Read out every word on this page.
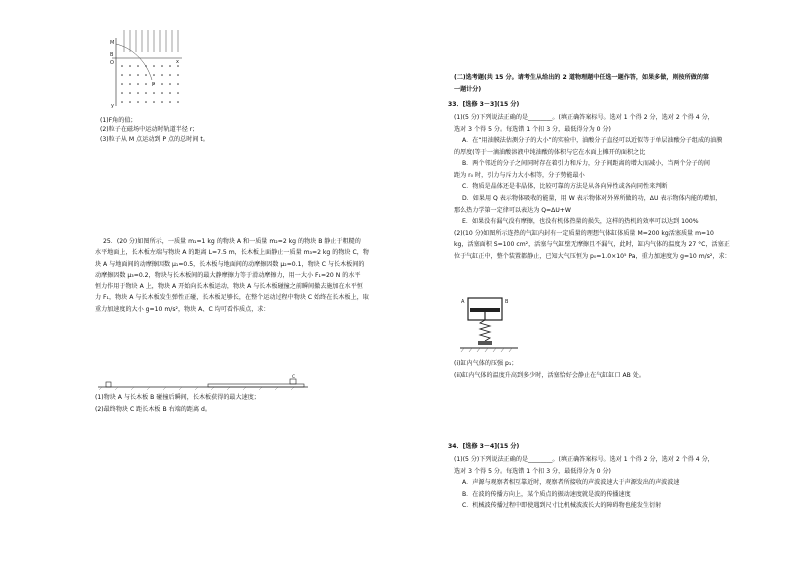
M
B
O	x
P
y

(1)F角的值；

(2)粒子在磁场中运动时轨道半径 r；

(3)粒子从 M 点运动到 P 点的总时间 t。

25．(20 分)如图所示，一质量 m₁=1 kg 的物块 A 和一质量 m₂=2 kg 的物块 B 静止于粗糙的

水平地面上，长木板左端与物块 A 的距离 L=7.5 m，长木板上面静止一质量 m₃=2 kg 的物块 C，物

块 A 与地面间的动摩擦因数 μ₁=0.5，长木板与地面间的动摩擦因数 μ₂=0.1，物块 C 与长木板间的

动摩擦因数 μ₃=0.2，物块与长木板间的最大静摩擦力等于滑动摩擦力，用一大小 F₁=20 N 的水平

恒力作用于物块 A 上，物块 A 开始向长木板运动，物块 A 与长木板碰撞之前瞬间撤去施加在水平恒

力 F₁，物块 A 与长木板发生弹性正碰，长木板足够长，在整个运动过程中物块 C 始终在长木板上，取

重力加速度的大小 g=10 m/s²，物块 A、C 均可看作质点，求：

C

(1)物块 A 与长木板 B 碰撞后瞬间，长木板获得的最大速度；

(2)最终物块 C 距长木板 B 右端的距离 d。

(二)选考题(共 15 分。请考生从给出的 2 道物理题中任选一题作答，如果多做，则按所做的第

一题计分)

33．[选修 3－3](15 分)

(1)(5 分)下列说法正确的是________。(填正确答案标号。选对 1 个得 2 分，选对 2 个得 4 分，

选对 3 个得 5 分。每选错 1 个扣 3 分，最低得分为 0 分)

A．在“用油膜法估测分子的大小”的实验中，油酸分子直径可以近似等于单层油酸分子组成的油膜

的厚度(等于一滴油酸溶液中纯油酸的体积与它在水面上摊开的面积之比

B．两个邻近的分子之间同时存在着引力和斥力，分子间距离的增大而减小，当两个分子的间

距为 r₀ 时，引力与斥力大小相等，分子势能最小

C．物质是晶体还是非晶体，比较可靠的方法是从各向异性或各向同性来判断

D．如果用 Q 表示物体吸收的能量，用 W 表示物体对外界所做的功，ΔU 表示物体内能的增加，

那么热力学第一定律可以表达为 Q=ΔU+W

E．如果没有漏气没有摩擦，也没有机体热量的损失，这样的热机的效率可以达到 100%

(2)(10 分)如图所示连热的气缸内封有一定质量的理想气体缸体质量 M=200 kg活塞质量 m=10

kg，活塞面积 S=100 cm²，活塞与气缸壁无摩擦且不漏气，此时，缸内气体的温度为 27 °C，活塞正

位于气缸正中，整个装置都静止，已知大气压恒为 p₀=1.0×10⁵ Pa，重力加速度为 g=10 m/s²，求：

A	B

(i)缸内气体的压强 p₁；

(ii)缸内气体的温度升高到多少时，活塞恰好会静止在气缸缸口 AB 处。

34．[选修 3－4](15 分)

(1)(5 分)下列说法正确的是________。(填正确答案标号。选对 1 个得 2 分，选对 2 个得 4 分，

选对 3 个得 5 分。每选错 1 个扣 3 分，最低得分为 0 分)

A．声源与观察者相互靠近时，观察者所接收的声波波速大于声源发出的声波波速

B．在波的传播方向上，某个质点的振动速度就是波的传播速度

C．机械波传播过程中即使遇到尺寸比机械波波长大的障碍物也能发生衍射
